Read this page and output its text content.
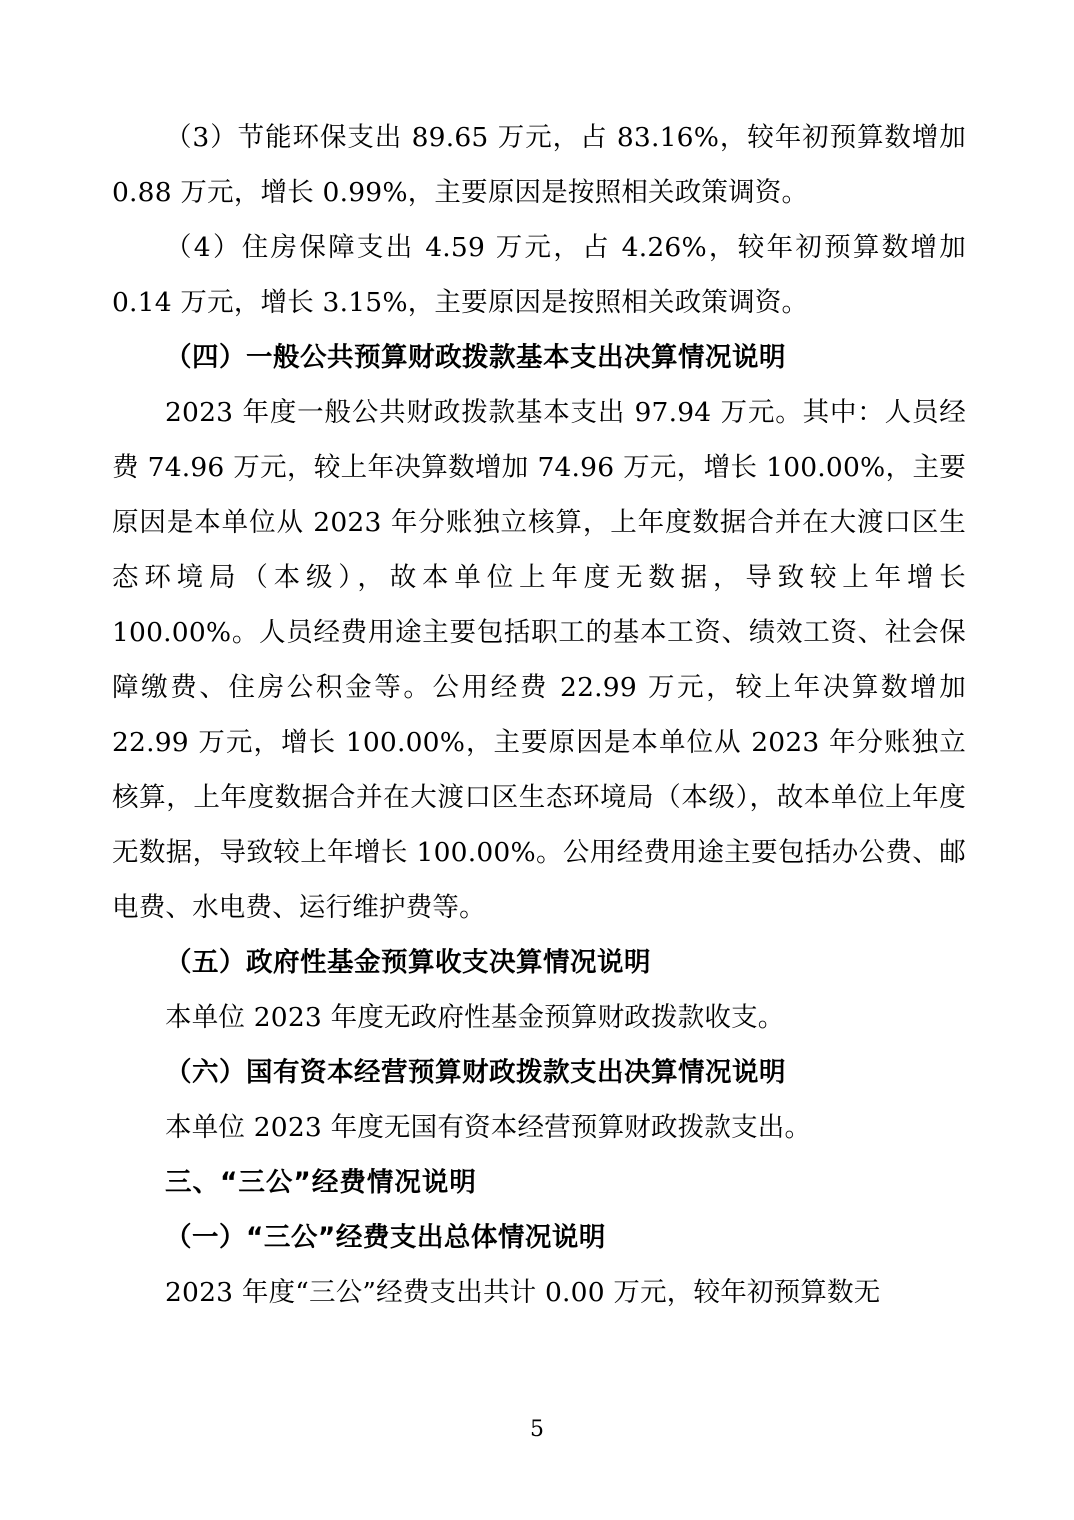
（3）节能环保支出 89.65 万元，占 83.16%，较年初预算数增加 0.88 万元，增长 0.99%，主要原因是按照相关政策调资。

（4）住房保障支出 4.59 万元，占 4.26%，较年初预算数增加 0.14 万元，增长 3.15%，主要原因是按照相关政策调资。

（四）一般公共预算财政拨款基本支出决算情况说明

2023 年度一般公共财政拨款基本支出 97.94 万元。其中：人员经费 74.96 万元，较上年决算数增加 74.96 万元，增长 100.00%，主要原因是本单位从 2023 年分账独立核算，上年度数据合并在大渡口区生态环境局（本级），故本单位上年度无数据，导致较上年增长 100.00%。人员经费用途主要包括职工的基本工资、绩效工资、社会保障缴费、住房公积金等。公用经费 22.99 万元，较上年决算数增加 22.99 万元，增长 100.00%，主要原因是本单位从 2023 年分账独立核算，上年度数据合并在大渡口区生态环境局（本级），故本单位上年度无数据，导致较上年增长 100.00%。公用经费用途主要包括办公费、邮电费、水电费、运行维护费等。

（五）政府性基金预算收支决算情况说明

本单位 2023 年度无政府性基金预算财政拨款收支。

（六）国有资本经营预算财政拨款支出决算情况说明

本单位 2023 年度无国有资本经营预算财政拨款支出。

三、“三公”经费情况说明

（一）“三公”经费支出总体情况说明

2023 年度“三公”经费支出共计 0.00 万元，较年初预算数无

5
